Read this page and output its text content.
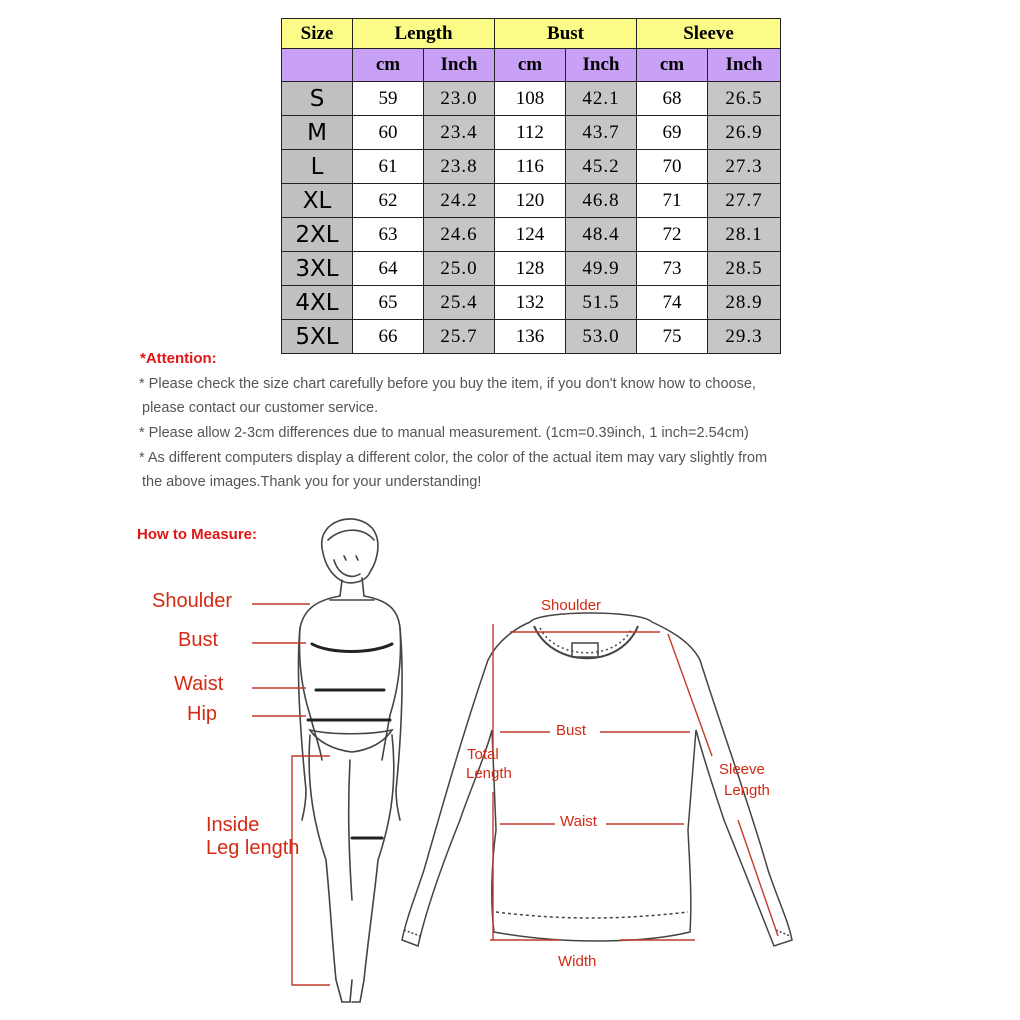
Size	Length		Bust		Sleeve	
	cm	Inch	cm	Inch	cm	Inch
S	59	23.0	108	42.1	68	26.5
M	60	23.4	112	43.7	69	26.9
L	61	23.8	116	45.2	70	27.3
XL	62	24.2	120	46.8	71	27.7
2XL	63	24.6	124	48.4	72	28.1
3XL	64	25.0	128	49.9	73	28.5
4XL	65	25.4	132	51.5	74	28.9
5XL	66	25.7	136	53.0	75	29.3
*Attention:
* Please check the size chart carefully before you buy the item, if you don't know how to choose,
please contact our customer service.
* Please allow 2-3cm differences due to manual measurement. (1cm=0.39inch, 1 inch=2.54cm)
* As different computers display a different color, the color of the actual item may vary slightly from
the above images.Thank you for your understanding!
How to Measure:
Shoulder
Bust
Waist
Hip
Inside
Leg length
Shoulder
Bust
Total
Length
Waist
Sleeve
Length
Width
